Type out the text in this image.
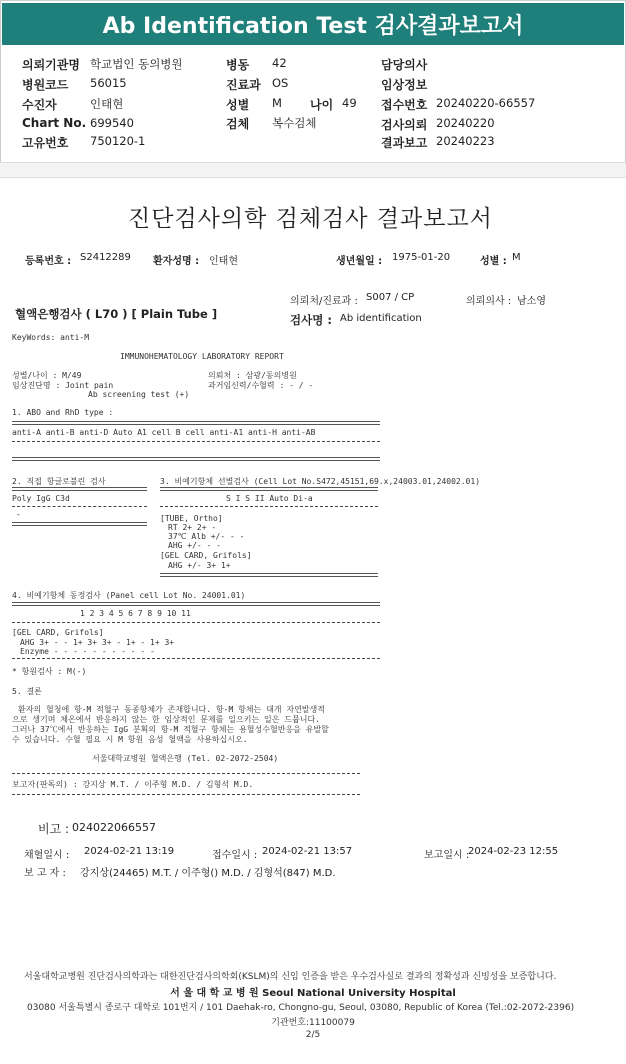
Ab Identification Test 검사결과보고서
의뢰기관명 학교법인 동의병원
병원코드 56015
수진자	인태현
Chart No. 699540
고유번호 750120-1
병동 42
진료과 OS
성별 M 나이 49
검체 복수검체
담당의사
임상정보
접수번호 20240220-66557
검사의뢰 20240220
결과보고 20240223
진단검사의학 검체검사 결과보고서
등록번호 : S2412289 환자성명 : 인태현	생년월일 : 1975-01-20	성별 : M
의뢰처/진료과 : S007 / CP	의뢰의사 : 남소영
혈액은행검사 ( L70 ) [ Plain Tube ]	검사명 : Ab identification
KeyWords: anti-M
IMMUNOHEMATOLOGY LABORATORY REPORT
성별/나이 : M/49	의뢰처 : 삼광/동의병원
임상진단명 : Joint pain	과거임신력/수혈력 : - / -
Ab screening test (+)
1. ABO and RhD type :
anti-A anti-B anti-D Auto A1 cell B cell anti-A1 anti-H anti-AB
2. 직접 항글로불린 검사	3. 비예기항체 선별검사 (Cell Lot No.S472,45151,69.x,24003.01,24002.01)
Poly IgG C3d	S I S II Auto Di-a
-	[TUBE, Ortho]
RT 2+ 2+ -
37℃ Alb +/- - -
AHG +/- - -
[GEL CARD, Grifols]
AHG +/- 3+ 1+
4. 비예기항체 동정검사 (Panel cell Lot No. 24001.01)
1 2 3 4 5 6 7 8 9 10 11
[GEL CARD, Grifols]
AHG 3+ - - 1+ 3+ 3+ - 1+ - 1+ 3+
Enzyme - - - - - - - - - - -
* 항원검사 : M(-)
5. 결론
환자의 혈청에 항-M 적혈구 동종항체가 존재합니다. 항-M 항체는 대개 자연발생적
으로 생기며 체온에서 반응하지 않는 한 임상적인 문제를 일으키는 일은 드뭅니다.
그러나 37℃에서 반응하는 IgG 분획의 항-M 적혈구 항체는 용혈성수혈반응을 유발할
수 있습니다. 수혈 필요 시 M 항원 음성 혈액을 사용하십시오.
서울대학교병원 혈액은행 (Tel. 02-2072-2504)
보고자(판독의) : 강지상 M.T. / 이주형 M.D. / 김형석 M.D.
비고 : 024022066557
채혈일시 : 2024-02-21 13:19	접수일시 : 2024-02-21 13:57	보고일시 :
2024-02-23 12:55
보 고 자 : 강지상(24465) M.T. / 이주형() M.D. / 김형석(847) M.D.
서울대학교병원 진단검사의학과는 대한진단검사의학회(KSLM)의 신임 인증을 받은 우수검사실로 결과의 정확성과 신빙성을 보증합니다.
서 울 대 학 교 병 원 Seoul National University Hospital
03080 서울특별시 종로구 대학로 101번지 / 101 Daehak-ro, Chongno-gu, Seoul, 03080, Republic of Korea (Tel.:02-2072-2396)
기관번호:11100079
2/5
